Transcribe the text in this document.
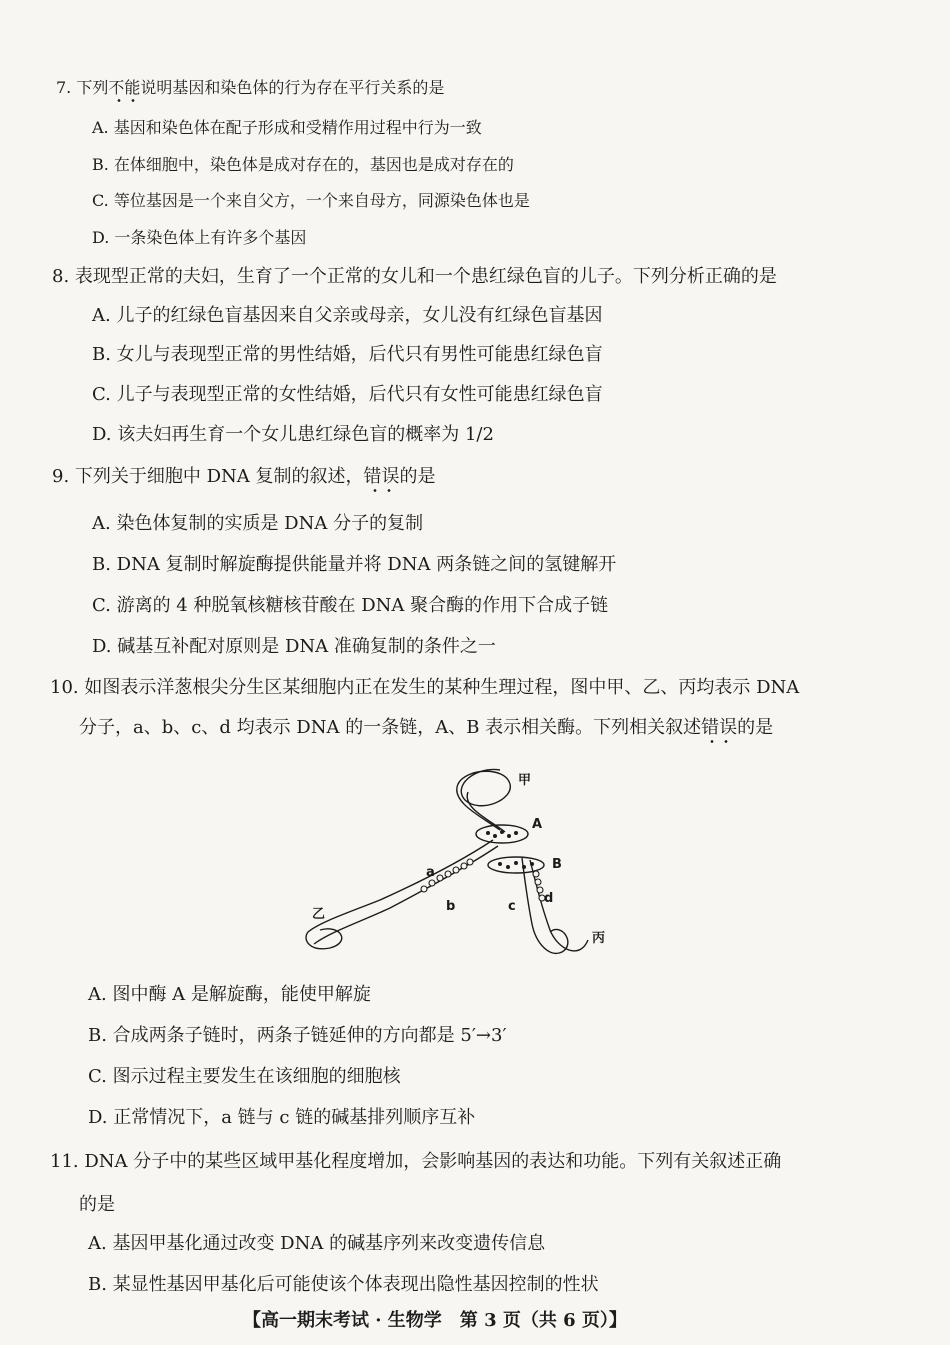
7. 下列不能说明基因和染色体的行为存在平行关系的是
A. 基因和染色体在配子形成和受精作用过程中行为一致
B. 在体细胞中，染色体是成对存在的，基因也是成对存在的
C. 等位基因是一个来自父方，一个来自母方，同源染色体也是
D. 一条染色体上有许多个基因
8. 表现型正常的夫妇，生育了一个正常的女儿和一个患红绿色盲的儿子。下列分析正确的是
A. 儿子的红绿色盲基因来自父亲或母亲，女儿没有红绿色盲基因
B. 女儿与表现型正常的男性结婚，后代只有男性可能患红绿色盲
C. 儿子与表现型正常的女性结婚，后代只有女性可能患红绿色盲
D. 该夫妇再生育一个女儿患红绿色盲的概率为 1/2
9. 下列关于细胞中 DNA 复制的叙述，错误的是
A. 染色体复制的实质是 DNA 分子的复制
B. DNA 复制时解旋酶提供能量并将 DNA 两条链之间的氢键解开
C. 游离的 4 种脱氧核糖核苷酸在 DNA 聚合酶的作用下合成子链
D. 碱基互补配对原则是 DNA 准确复制的条件之一
10. 如图表示洋葱根尖分生区某细胞内正在发生的某种生理过程，图中甲、乙、丙均表示 DNA
分子，a、b、c、d 均表示 DNA 的一条链，A、B 表示相关酶。下列相关叙述错误的是
甲
A
B
a
b	c
d
乙
丙
A. 图中酶 A 是解旋酶，能使甲解旋
B. 合成两条子链时，两条子链延伸的方向都是 5′→3′
C. 图示过程主要发生在该细胞的细胞核
D. 正常情况下，a 链与 c 链的碱基排列顺序互补
11. DNA 分子中的某些区域甲基化程度增加，会影响基因的表达和功能。下列有关叙述正确
的是
A. 基因甲基化通过改变 DNA 的碱基序列来改变遗传信息
B. 某显性基因甲基化后可能使该个体表现出隐性基因控制的性状
【高一期末考试 · 生物学　第 3 页（共 6 页）】
